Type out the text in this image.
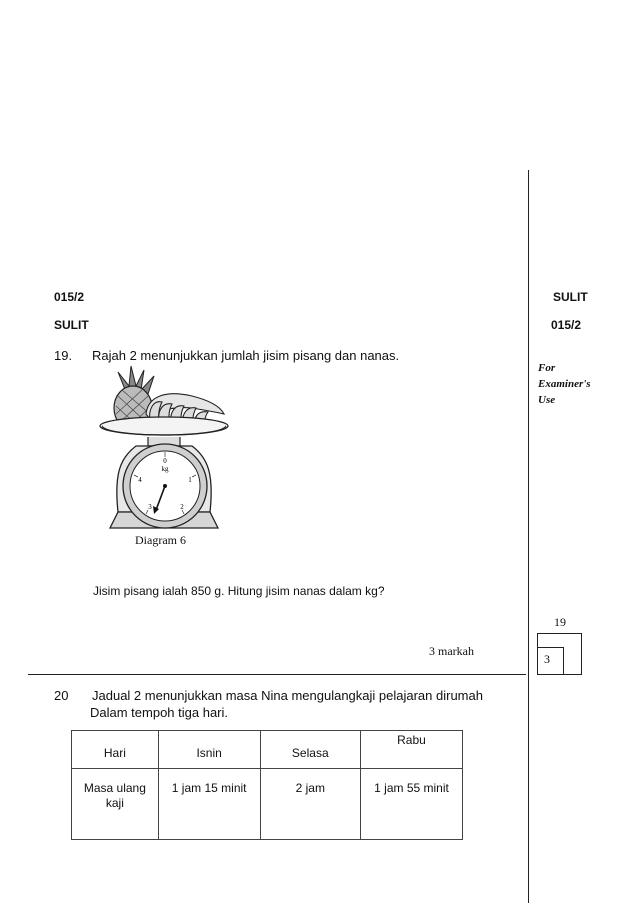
015/2
SULIT
SULIT
015/2
For
Examiner's
Use
19. Rajah 2 menunjukkan jumlah jisim pisang dan nanas.
0
kg
1
2
3
4
Diagram 6
Jisim pisang ialah 850 g. Hitung jisim nanas dalam kg?
3 markah
19
3
20 Jadual 2 menunjukkan masa Nina mengulangkaji pelajaran dirumah
Dalam tempoh tiga hari.
Hari	Isnin	Selasa	Rabu

Masa ulang
kaji	1 jam 15 minit	2 jam	1 jam 55 minit
